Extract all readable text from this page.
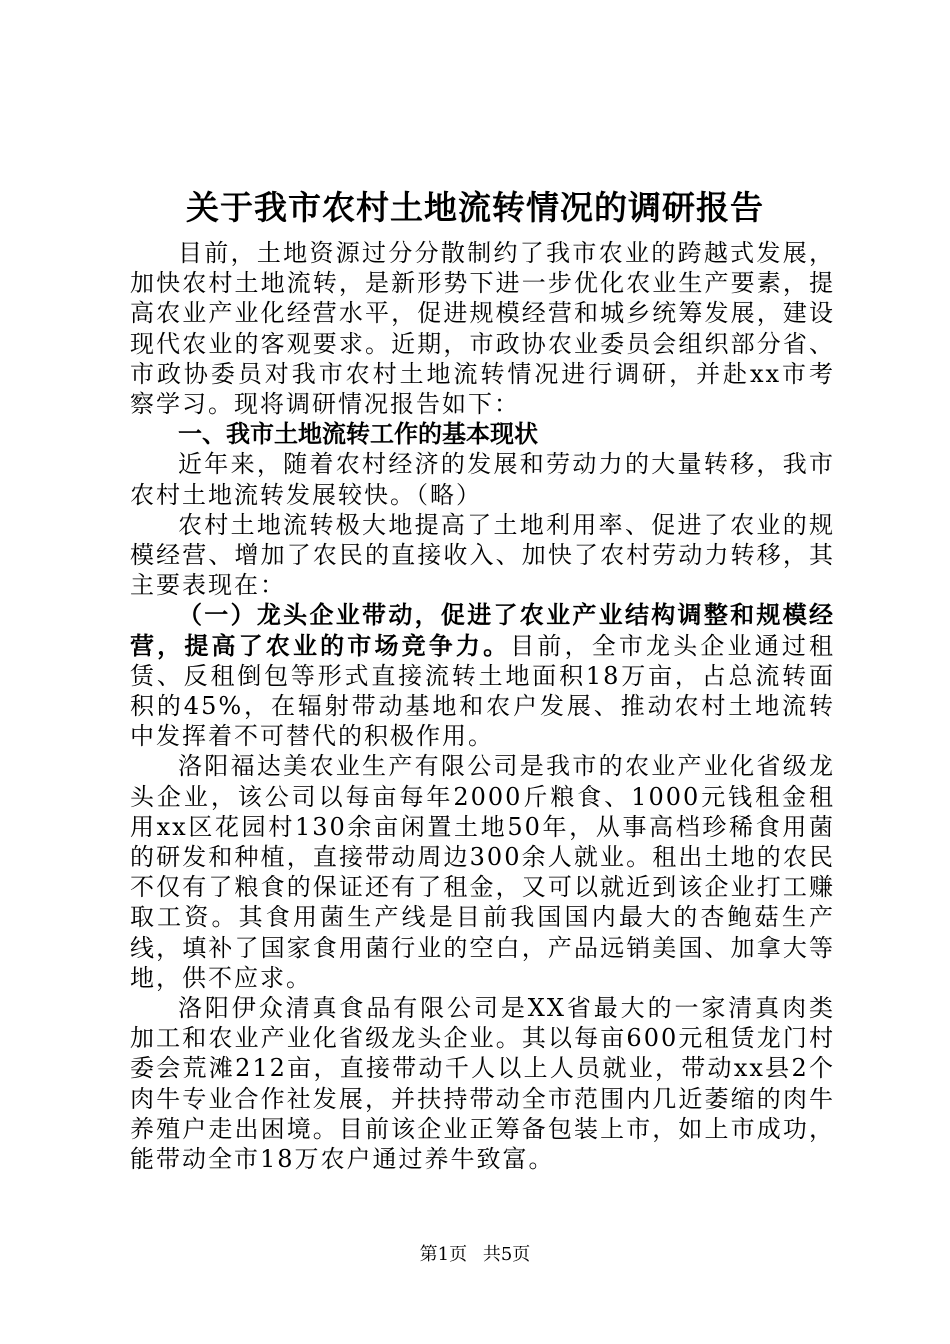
关于我市农村土地流转情况的调研报告

目前，土地资源过分分散制约了我市农业的跨越式发展，加快农村土地流转，是新形势下进一步优化农业生产要素，提高农业产业化经营水平，促进规模经营和城乡统筹发展，建设现代农业的客观要求。近期，市政协农业委员会组织部分省、市政协委员对我市农村土地流转情况进行调研，并赴xx市考察学习。现将调研情况报告如下：

一、我市土地流转工作的基本现状

近年来，随着农村经济的发展和劳动力的大量转移，我市农村土地流转发展较快。（略）

农村土地流转极大地提高了土地利用率、促进了农业的规模经营、增加了农民的直接收入、加快了农村劳动力转移，其主要表现在：

（一）龙头企业带动，促进了农业产业结构调整和规模经营，提高了农业的市场竞争力。目前，全市龙头企业通过租赁、反租倒包等形式直接流转土地面积18万亩，占总流转面积的45%，在辐射带动基地和农户发展、推动农村土地流转中发挥着不可替代的积极作用。

洛阳福达美农业生产有限公司是我市的农业产业化省级龙头企业，该公司以每亩每年2000斤粮食、1000元钱租金租用xx区花园村130余亩闲置土地50年，从事高档珍稀食用菌的研发和种植，直接带动周边300余人就业。租出土地的农民不仅有了粮食的保证还有了租金，又可以就近到该企业打工赚取工资。其食用菌生产线是目前我国国内最大的杏鲍菇生产线，填补了国家食用菌行业的空白，产品远销美国、加拿大等地，供不应求。

洛阳伊众清真食品有限公司是XX省最大的一家清真肉类加工和农业产业化省级龙头企业。其以每亩600元租赁龙门村委会荒滩212亩，直接带动千人以上人员就业，带动xx县2个肉牛专业合作社发展，并扶持带动全市范围内几近萎缩的肉牛养殖户走出困境。目前该企业正筹备包装上市，如上市成功，能带动全市18万农户通过养牛致富。

第1页 共5页
